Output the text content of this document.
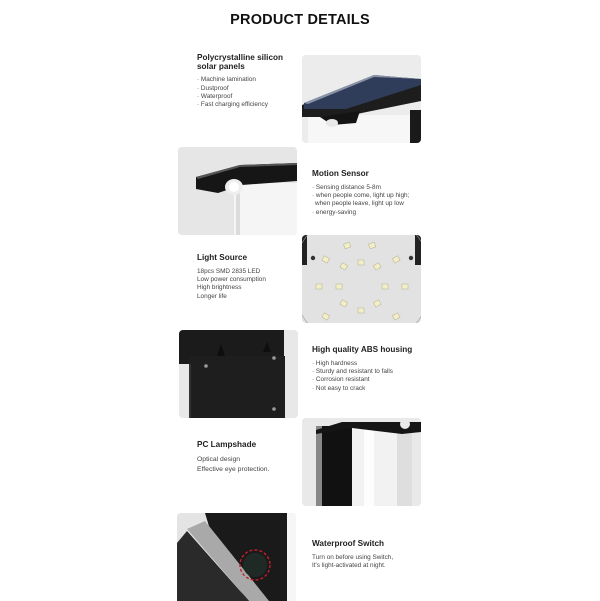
PRODUCT DETAILS
Polycrystalline silicon
solar panels
· Machine lamination
· Dustproof
· Waterproof
· Fast charging efficiency
Motion Sensor
· Sensing distance 5-8m
· when people come, light up high;
when people leave, light up low
· energy-saving
Light Source
18pcs SMD 2835 LED
Low power consumption
High brightness
Longer life
High quality ABS housing
· High hardness
· Sturdy and resistant to falls
· Corrosion resistant
· Not easy to crack
PC Lampshade
Optical design
Effective eye protection.
Waterproof Switch
Turn on before using Switch,
It's light-activated at night.
